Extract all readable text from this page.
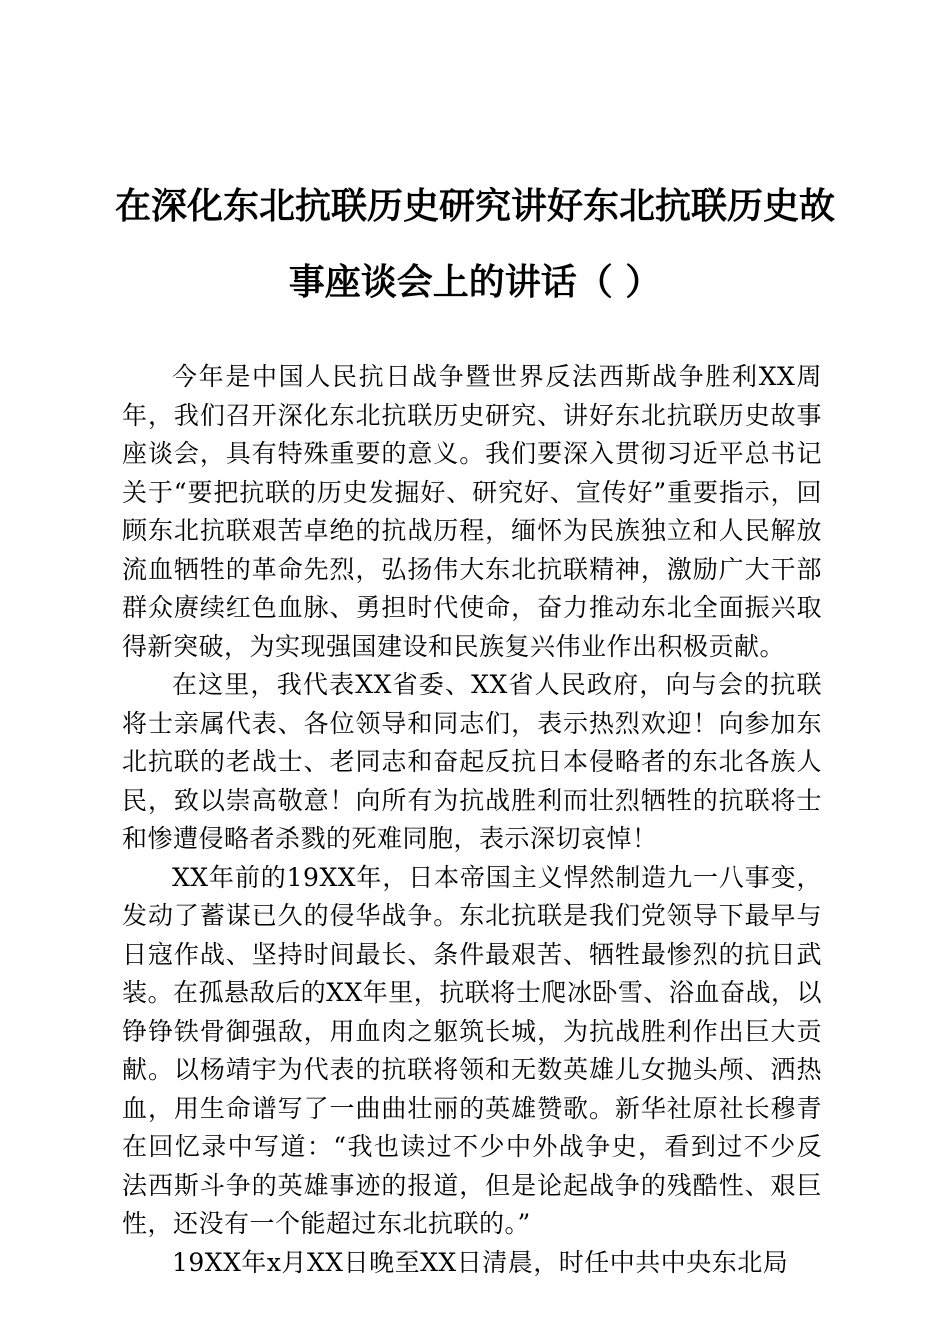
在深化东北抗联历史研究讲好东北抗联历史故
事座谈会上的讲话（ ）

今年是中国人民抗日战争暨世界反法西斯战争胜利XX周年，我们召开深化东北抗联历史研究、讲好东北抗联历史故事座谈会，具有特殊重要的意义。我们要深入贯彻习近平总书记关于“要把抗联的历史发掘好、研究好、宣传好”重要指示，回顾东北抗联艰苦卓绝的抗战历程，缅怀为民族独立和人民解放流血牺牲的革命先烈，弘扬伟大东北抗联精神，激励广大干部群众赓续红色血脉、勇担时代使命，奋力推动东北全面振兴取得新突破，为实现强国建设和民族复兴伟业作出积极贡献。

在这里，我代表XX省委、XX省人民政府，向与会的抗联将士亲属代表、各位领导和同志们，表示热烈欢迎！向参加东北抗联的老战士、老同志和奋起反抗日本侵略者的东北各族人民，致以崇高敬意！向所有为抗战胜利而壮烈牺牲的抗联将士和惨遭侵略者杀戮的死难同胞，表示深切哀悼！

XX年前的19XX年，日本帝国主义悍然制造九一八事变，发动了蓄谋已久的侵华战争。东北抗联是我们党领导下最早与日寇作战、坚持时间最长、条件最艰苦、牺牲最惨烈的抗日武装。在孤悬敌后的XX年里，抗联将士爬冰卧雪、浴血奋战，以铮铮铁骨御强敌，用血肉之躯筑长城，为抗战胜利作出巨大贡献。以杨靖宇为代表的抗联将领和无数英雄儿女抛头颅、洒热血，用生命谱写了一曲曲壮丽的英雄赞歌。新华社原社长穆青在回忆录中写道：“我也读过不少中外战争史，看到过不少反法西斯斗争的英雄事迹的报道，但是论起战争的残酷性、艰巨性，还没有一个能超过东北抗联的。”

19XX年x月XX日晚至XX日清晨，时任中共中央东北局
